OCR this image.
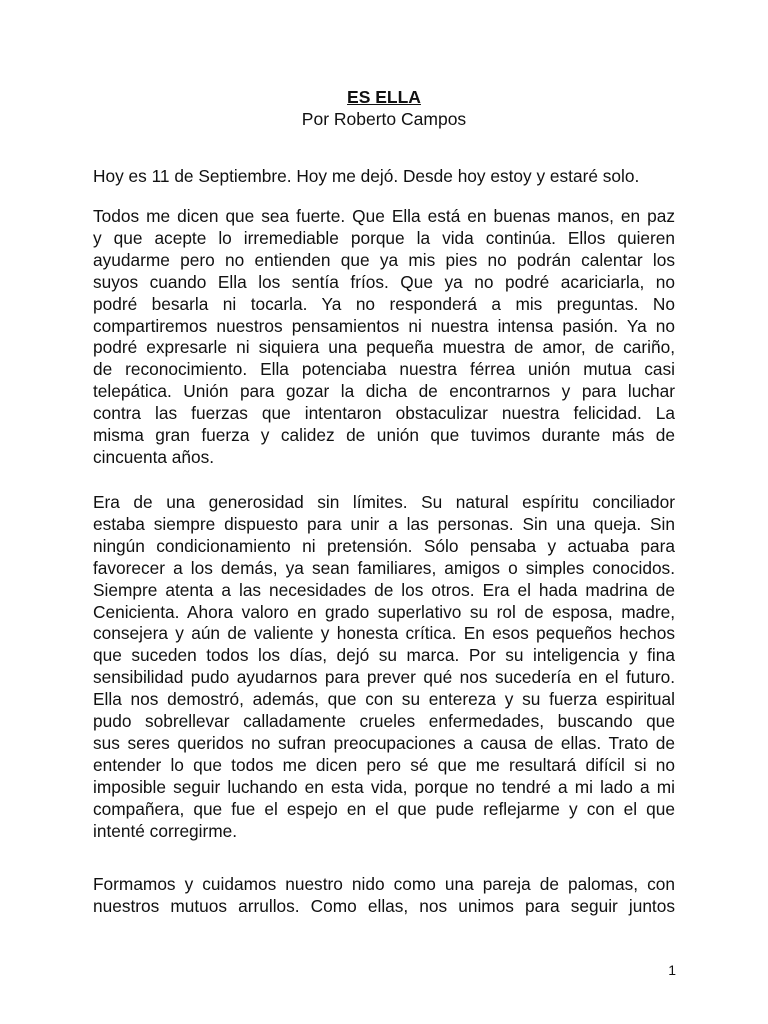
ES ELLA
Por Roberto Campos

Hoy es 11 de Septiembre. Hoy me dejó. Desde hoy estoy y estaré solo.

Todos me dicen que sea fuerte. Que Ella está en buenas manos, en paz
y que acepte lo irremediable porque la vida continúa. Ellos quieren
ayudarme pero no entienden que ya mis pies no podrán calentar los
suyos cuando Ella los sentía fríos. Que ya no podré acariciarla, no
podré besarla ni tocarla. Ya no responderá a mis preguntas. No
compartiremos nuestros pensamientos ni nuestra intensa pasión. Ya no
podré expresarle ni siquiera una pequeña muestra de amor, de cariño,
de reconocimiento. Ella potenciaba nuestra férrea unión mutua casi
telepática. Unión para gozar la dicha de encontrarnos y para luchar
contra las fuerzas que intentaron obstaculizar nuestra felicidad. La
misma gran fuerza y calidez de unión que tuvimos durante más de
cincuenta años.

Era de una generosidad sin límites. Su natural espíritu conciliador
estaba siempre dispuesto para unir a las personas. Sin una queja. Sin
ningún condicionamiento ni pretensión. Sólo pensaba y actuaba para
favorecer a los demás, ya sean familiares, amigos o simples conocidos.
Siempre atenta a las necesidades de los otros. Era el hada madrina de
Cenicienta. Ahora valoro en grado superlativo su rol de esposa, madre,
consejera y aún de valiente y honesta crítica. En esos pequeños hechos
que suceden todos los días, dejó su marca. Por su inteligencia y fina
sensibilidad pudo ayudarnos para prever qué nos sucedería en el futuro.
Ella nos demostró, además, que con su entereza y su fuerza espiritual
pudo sobrellevar calladamente crueles enfermedades, buscando que
sus seres queridos no sufran preocupaciones a causa de ellas. Trato de
entender lo que todos me dicen pero sé que me resultará difícil si no
imposible seguir luchando en esta vida, porque no tendré a mi lado a mi
compañera, que fue el espejo en el que pude reflejarme y con el que
intenté corregirme.

Formamos y cuidamos nuestro nido como una pareja de palomas, con
nuestros mutuos arrullos. Como ellas, nos unimos para seguir juntos

1
